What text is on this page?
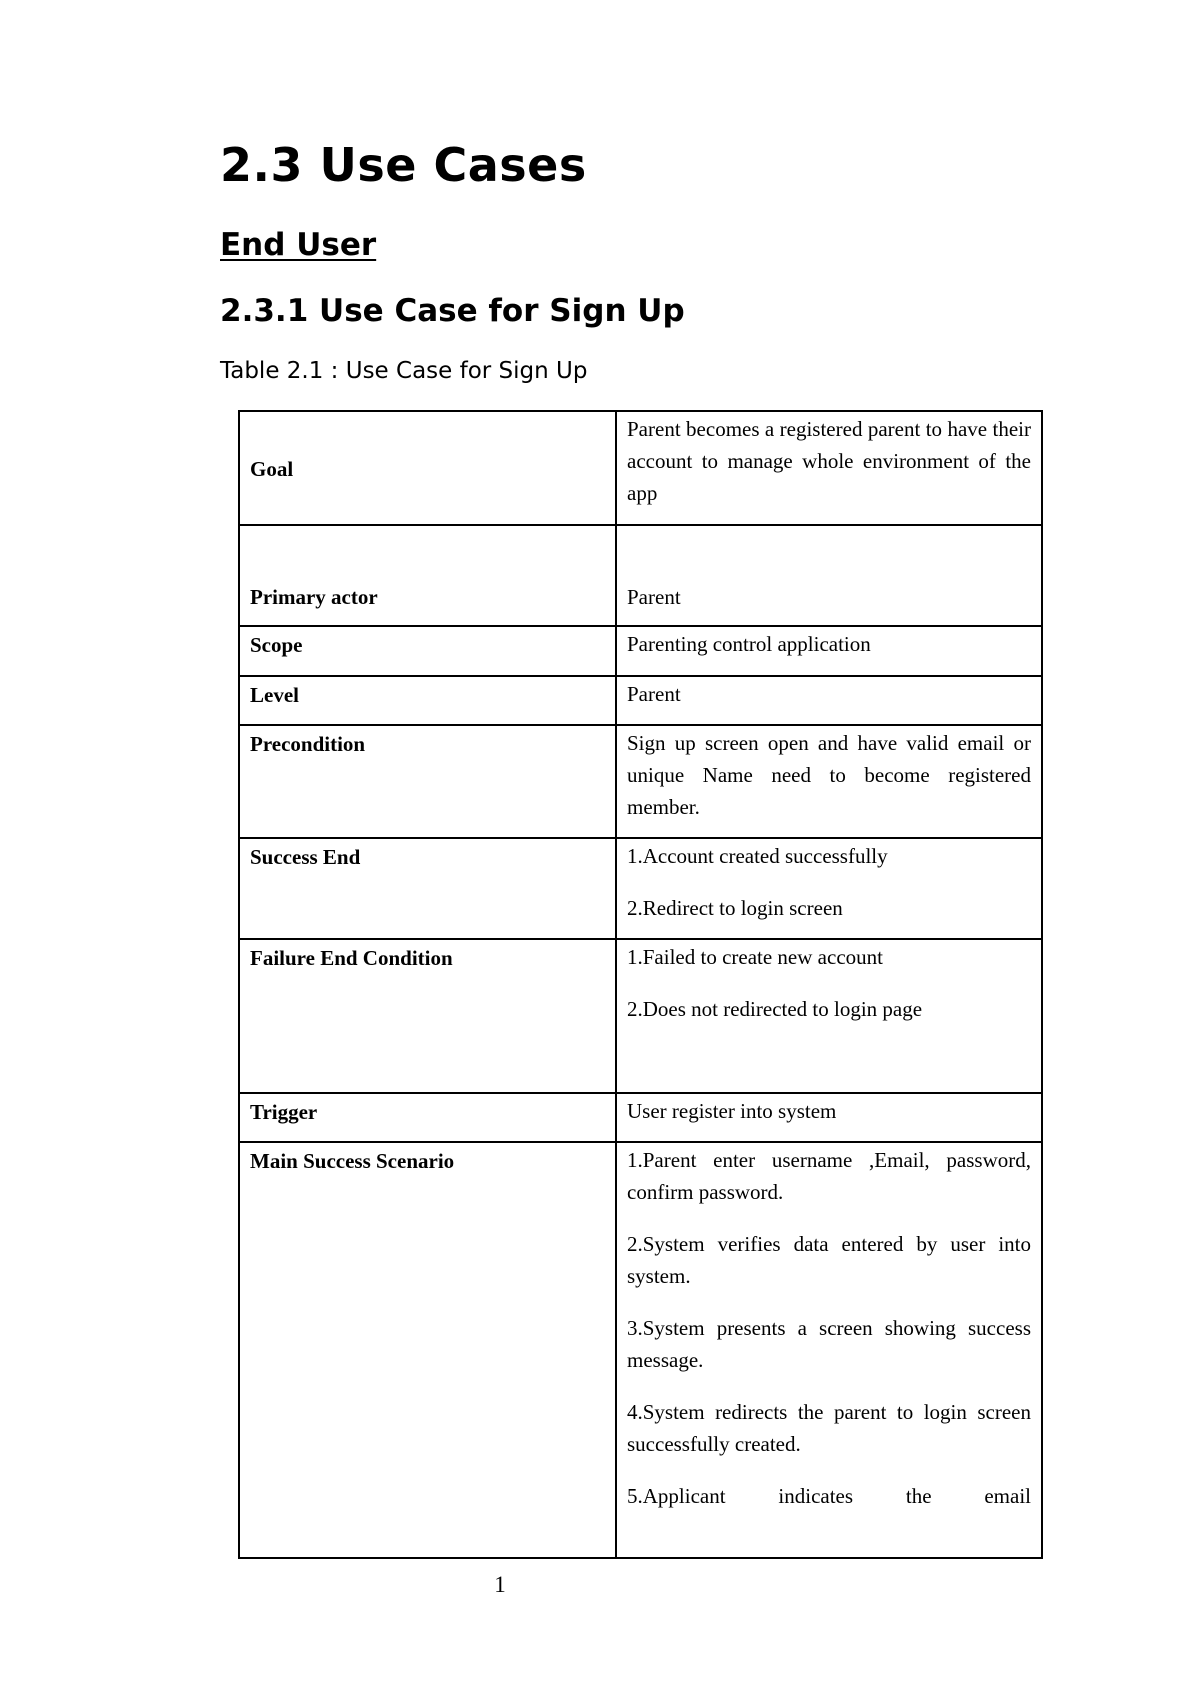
2.3 Use Cases
End User
2.3.1 Use Case for Sign Up

Table 2.1 : Use Case for Sign Up

Goal	Parent becomes a registered parent to have their account to manage whole environment of the app

Primary actor	Parent

Scope	Parenting control application

Level	Parent

Precondition	Sign up screen open and have valid email or unique Name need to become registered member.

Success End	1.Account created successfully

2.Redirect to login screen

Failure End Condition	1.Failed to create new account

2.Does not redirected to login page

Trigger	User register into system

Main Success Scenario	1.Parent enter username ,Email, password, confirm password.

2.System verifies data entered by user into system.

3.System presents a screen showing success message.

4.System redirects the parent to login screen successfully created.

5.Applicant indicates the email

1
